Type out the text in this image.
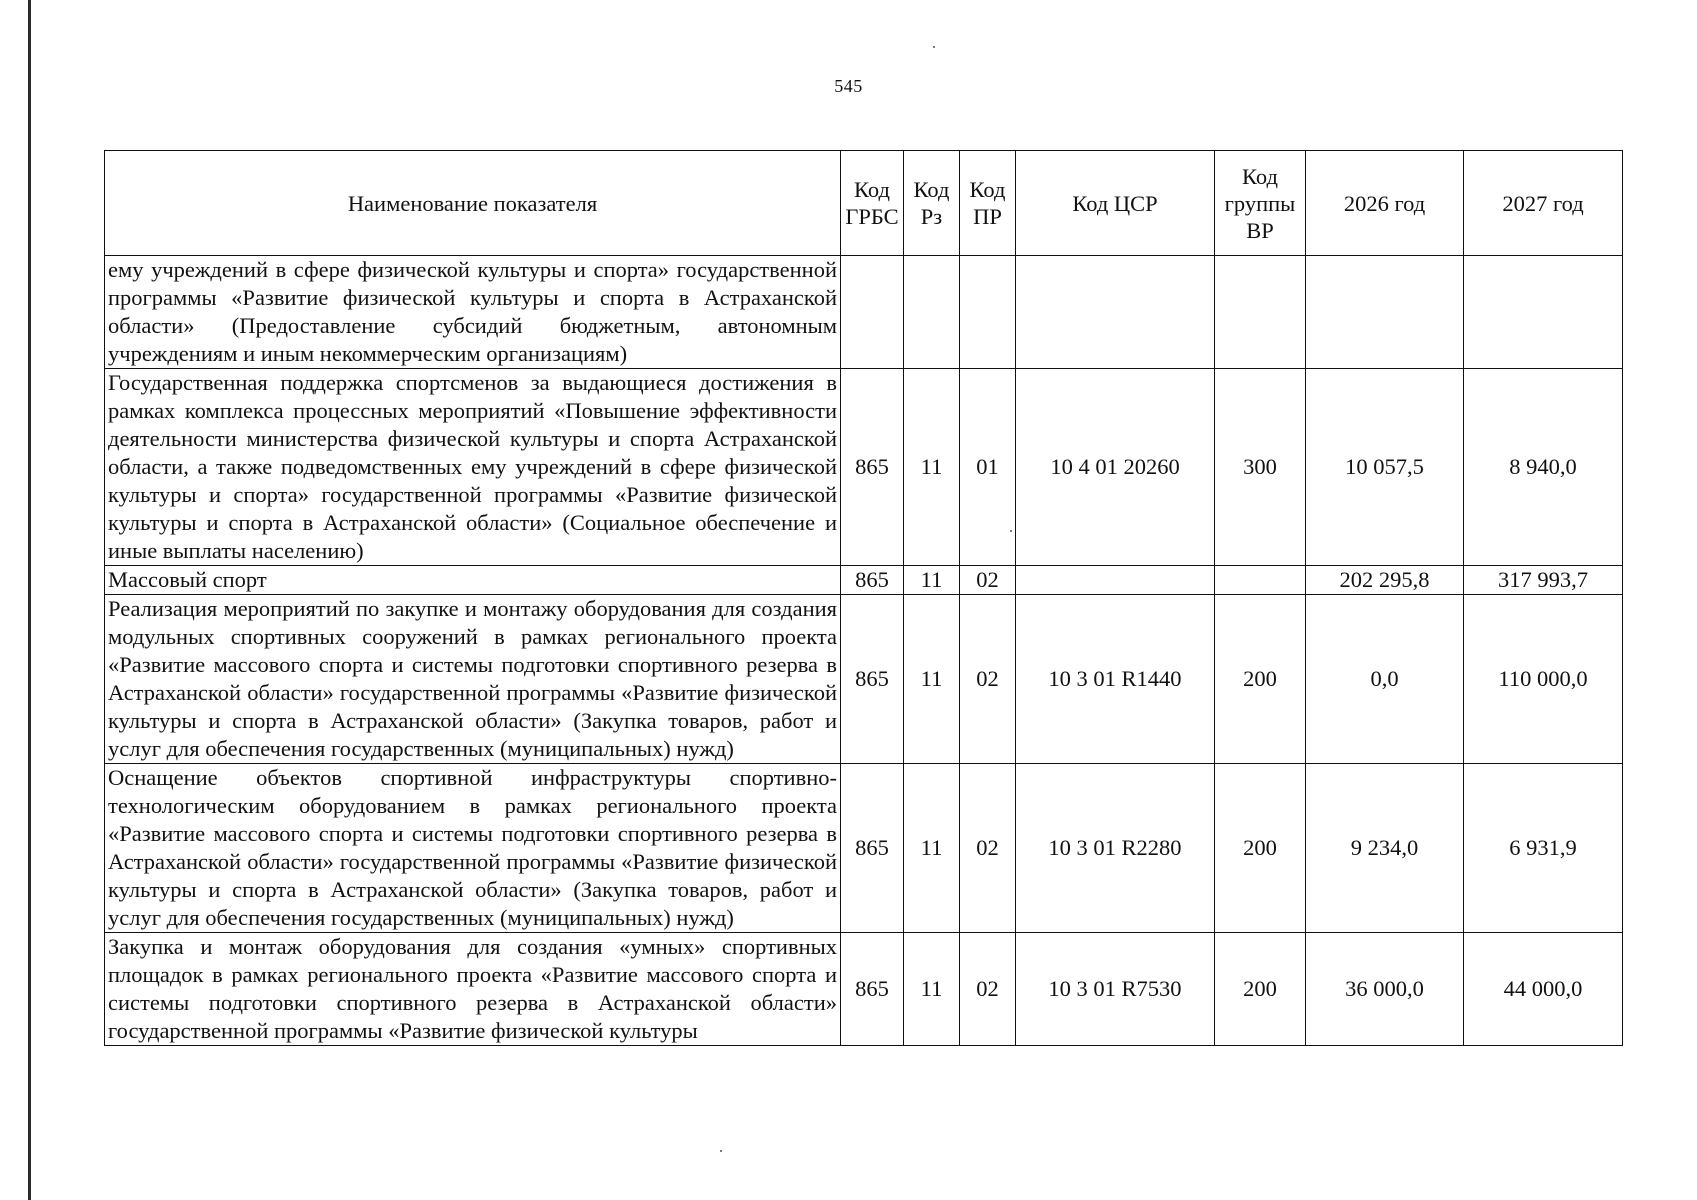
545
Наименование показателя	Код ГРБС	Код Рз	Код ПР	Код ЦСР	Код группы ВР	2026 год	2027 год
ему учреждений в сфере физической культуры и спорта» государственной программы «Развитие физической культуры и спорта в Астраханской области» (Предоставление субсидий бюджетным, автономным учреждениям и иным некоммерческим организациям)							
Государственная поддержка спортсменов за выдающиеся достижения в рамках комплекса процессных мероприятий «Повышение эффективности деятельности министерства физической культуры и спорта Астраханской области, а также подведомственных ему учреждений в сфере физической культуры и спорта» государственной программы «Развитие физической культуры и спорта в Астраханской области» (Социальное обеспечение и иные выплаты населению)	865	11	01	10 4 01 20260	300	10 057,5	8 940,0
Массовый спорт	865	11	02			202 295,8	317 993,7
Реализация мероприятий по закупке и монтажу оборудования для создания модульных спортивных сооружений в рамках регионального проекта «Развитие массового спорта и системы подготовки спортивного резерва в Астраханской области» государственной программы «Развитие физической культуры и спорта в Астраханской области» (Закупка товаров, работ и услуг для обеспечения государственных (муниципальных) нужд)	865	11	02	10 3 01 R1440	200	0,0	110 000,0
Оснащение объектов спортивной инфраструктуры спортивно-технологическим оборудованием в рамках регионального проекта «Развитие массового спорта и системы подготовки спортивного резерва в Астраханской области» государственной программы «Развитие физической культуры и спорта в Астраханской области» (Закупка товаров, работ и услуг для обеспечения государственных (муниципальных) нужд)	865	11	02	10 3 01 R2280	200	9 234,0	6 931,9
Закупка и монтаж оборудования для создания «умных» спортивных площадок в рамках регионального проекта «Развитие массового спорта и системы подготовки спортивного резерва в Астраханской области» государственной программы «Развитие физической культуры	865	11	02	10 3 01 R7530	200	36 000,0	44 000,0
